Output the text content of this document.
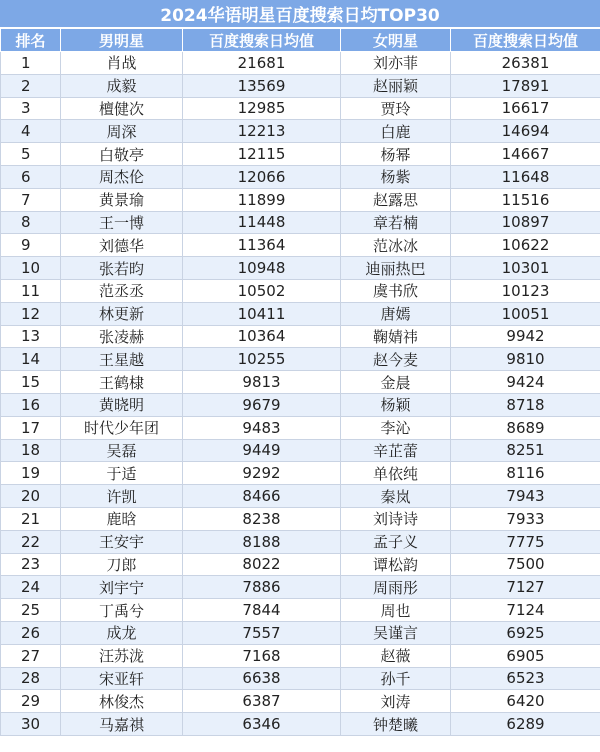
2024华语明星百度搜索日均TOP30
排名	男明星	百度搜索日均值	女明星	百度搜索日均值
1	肖战	21681	刘亦菲	26381
2	成毅	13569	赵丽颖	17891
3	檀健次	12985	贾玲	16617
4	周深	12213	白鹿	14694
5	白敬亭	12115	杨幂	14667
6	周杰伦	12066	杨紫	11648
7	黄景瑜	11899	赵露思	11516
8	王一博	11448	章若楠	10897
9	刘德华	11364	范冰冰	10622
10	张若昀	10948	迪丽热巴	10301
11	范丞丞	10502	虞书欣	10123
12	林更新	10411	唐嫣	10051
13	张凌赫	10364	鞠婧祎	9942
14	王星越	10255	赵今麦	9810
15	王鹤棣	9813	金晨	9424
16	黄晓明	9679	杨颖	8718
17	时代少年团	9483	李沁	8689
18	吴磊	9449	辛芷蕾	8251
19	于适	9292	单依纯	8116
20	许凯	8466	秦岚	7943
21	鹿晗	8238	刘诗诗	7933
22	王安宇	8188	孟子义	7775
23	刀郎	8022	谭松韵	7500
24	刘宇宁	7886	周雨彤	7127
25	丁禹兮	7844	周也	7124
26	成龙	7557	吴谨言	6925
27	汪苏泷	7168	赵薇	6905
28	宋亚轩	6638	孙千	6523
29	林俊杰	6387	刘涛	6420
30	马嘉祺	6346	钟楚曦	6289
